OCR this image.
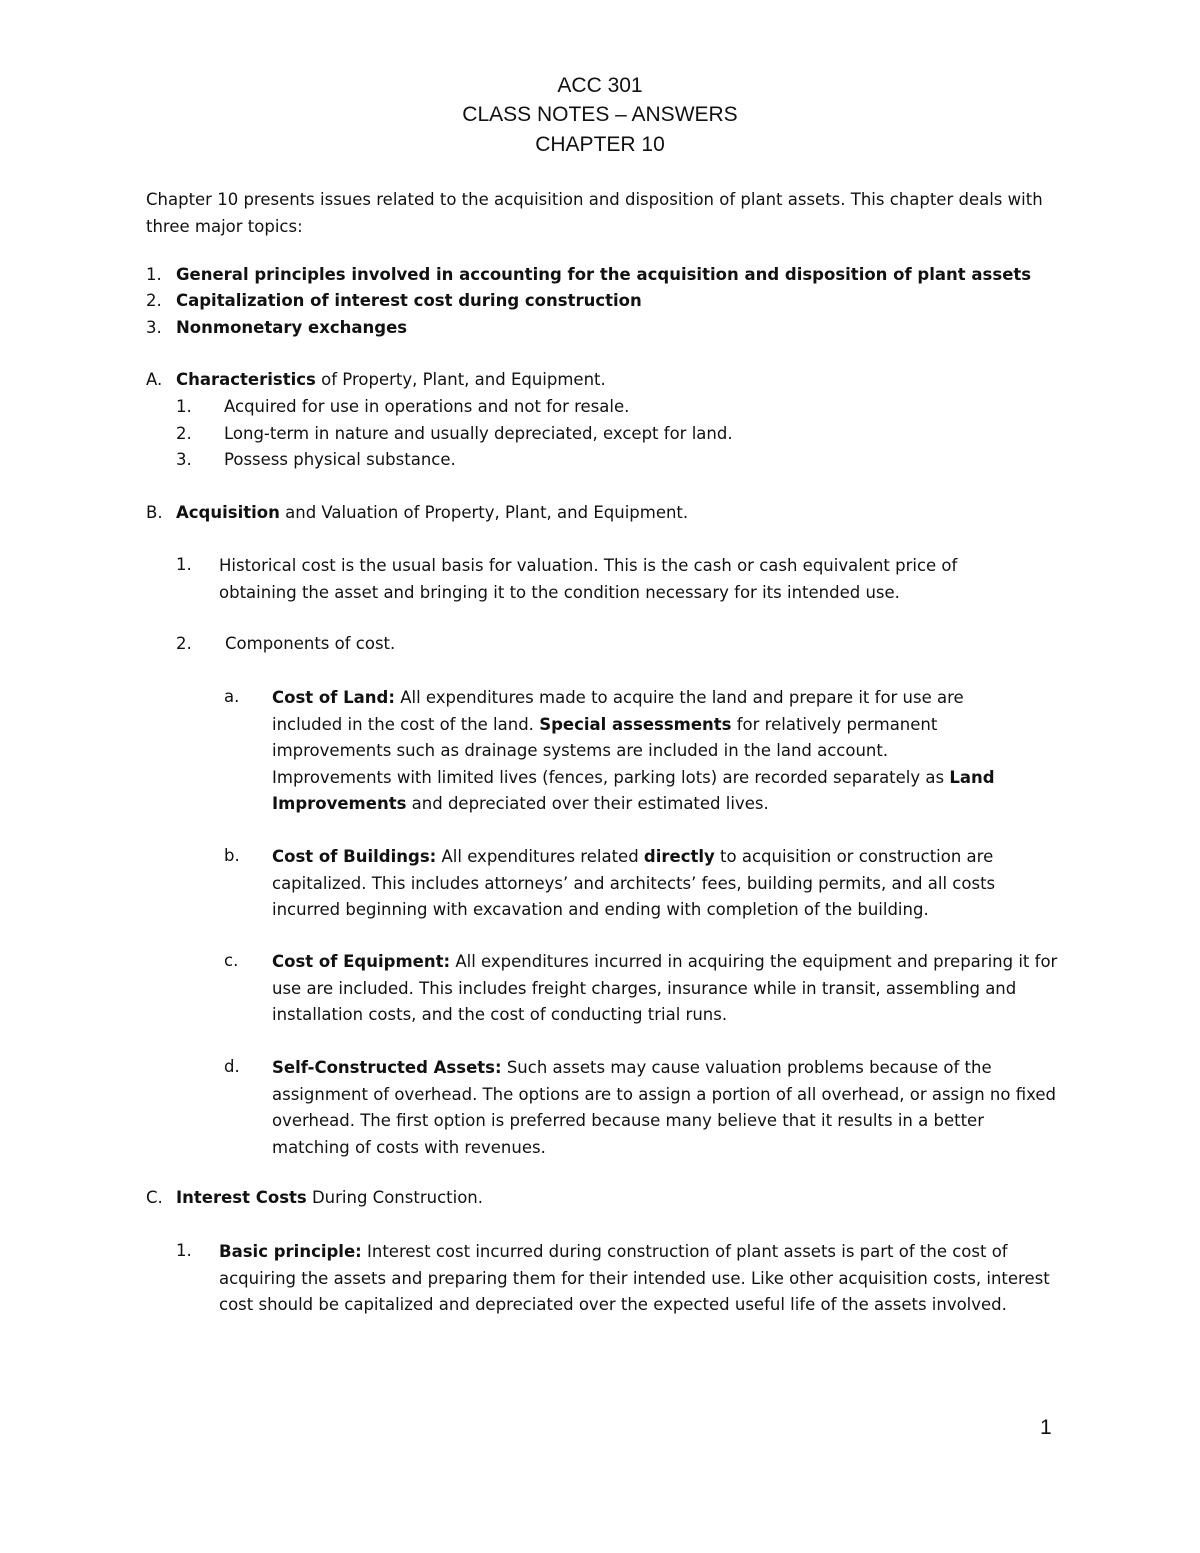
ACC 301
CLASS NOTES – ANSWERS
CHAPTER 10
Chapter 10 presents issues related to the acquisition and disposition of plant assets. This chapter deals with three major topics:
1. General principles involved in accounting for the acquisition and disposition of plant assets
2. Capitalization of interest cost during construction
3. Nonmonetary exchanges
A. Characteristics of Property, Plant, and Equipment.
1. Acquired for use in operations and not for resale.
2. Long-term in nature and usually depreciated, except for land.
3. Possess physical substance.
B. Acquisition and Valuation of Property, Plant, and Equipment.
1. Historical cost is the usual basis for valuation. This is the cash or cash equivalent price of obtaining the asset and bringing it to the condition necessary for its intended use.
2. Components of cost.
a. Cost of Land: All expenditures made to acquire the land and prepare it for use are included in the cost of the land. Special assessments for relatively permanent improvements such as drainage systems are included in the land account. Improvements with limited lives (fences, parking lots) are recorded separately as Land Improvements and depreciated over their estimated lives.
b. Cost of Buildings: All expenditures related directly to acquisition or construction are capitalized. This includes attorneys’ and architects’ fees, building permits, and all costs incurred beginning with excavation and ending with completion of the building.
c. Cost of Equipment: All expenditures incurred in acquiring the equipment and preparing it for use are included. This includes freight charges, insurance while in transit, assembling and installation costs, and the cost of conducting trial runs.
d. Self-Constructed Assets: Such assets may cause valuation problems because of the assignment of overhead. The options are to assign a portion of all overhead, or assign no fixed overhead. The first option is preferred because many believe that it results in a better matching of costs with revenues.
C. Interest Costs During Construction.
1. Basic principle: Interest cost incurred during construction of plant assets is part of the cost of acquiring the assets and preparing them for their intended use. Like other acquisition costs, interest cost should be capitalized and depreciated over the expected useful life of the assets involved.
1
